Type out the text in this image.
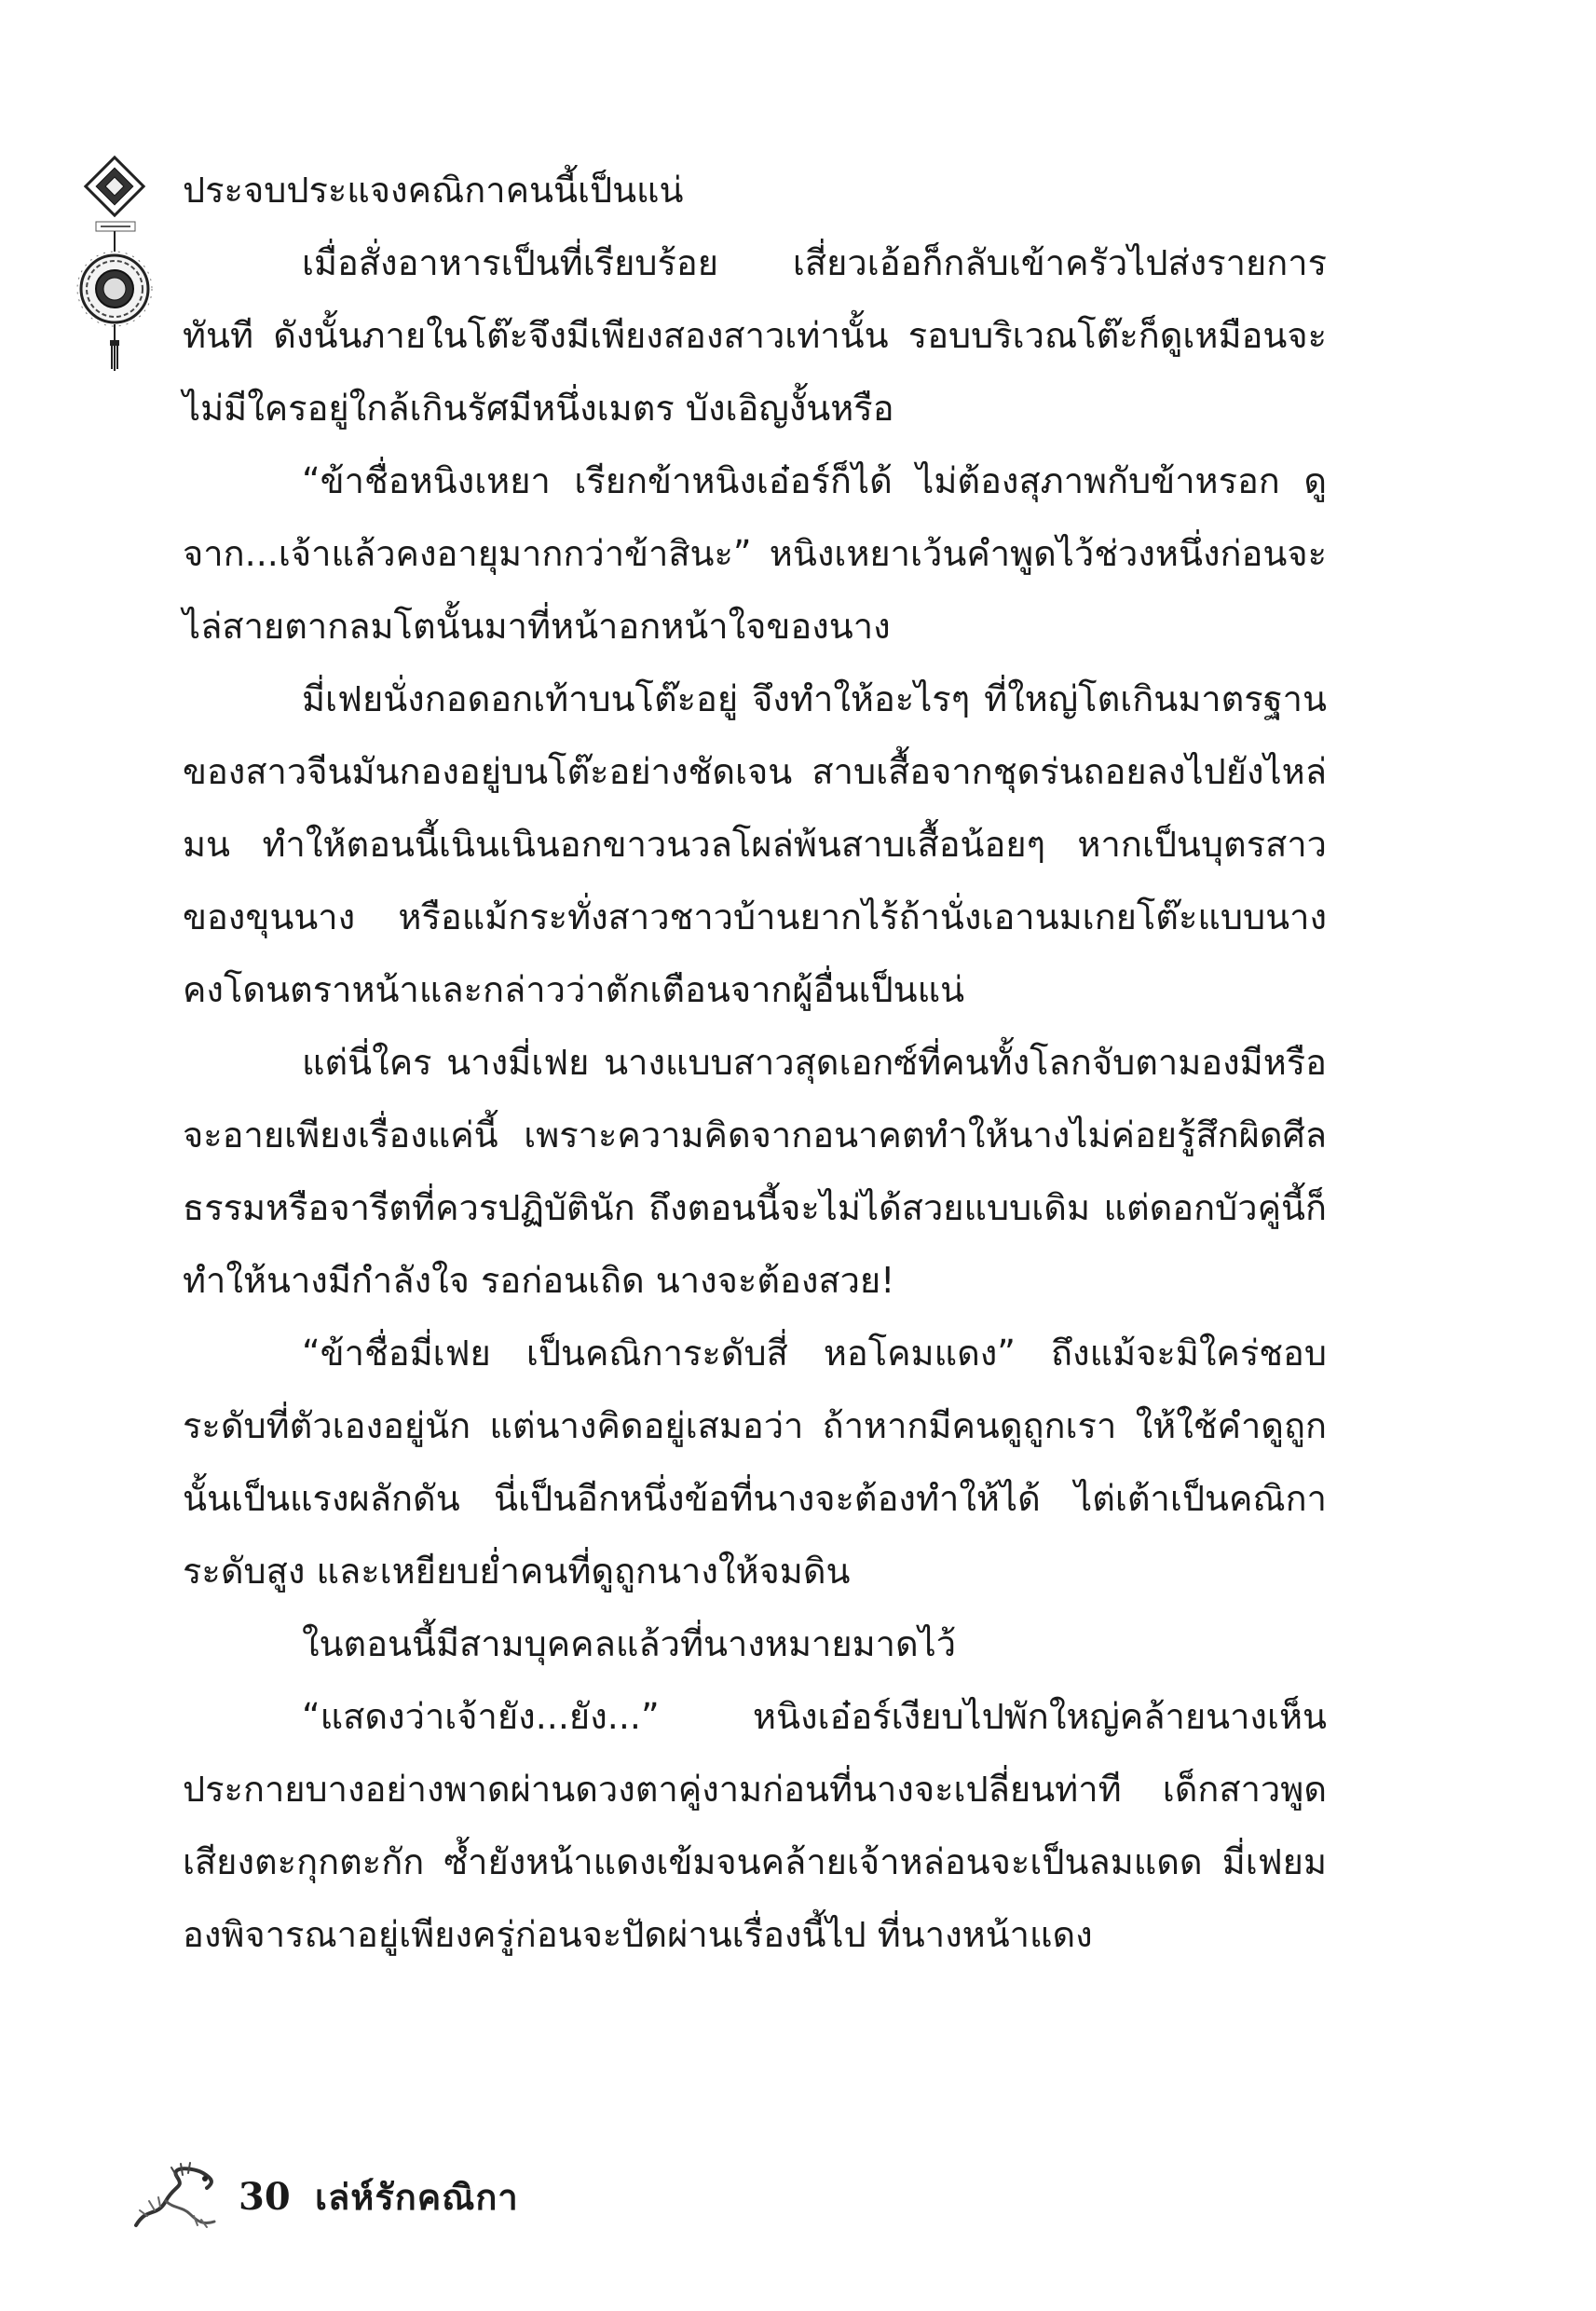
ประจบประแจงคณิกาคนนี้เป็นแน่

เมื่อสั่งอาหารเป็นที่เรียบร้อย เสี่ยวเอ้อก็กลับเข้าครัวไปส่งรายการทันที ดังนั้นภายในโต๊ะจึงมีเพียงสองสาวเท่านั้น รอบบริเวณโต๊ะก็ดูเหมือนจะไม่มีใครอยู่ใกล้เกินรัศมีหนึ่งเมตร บังเอิญงั้นหรือ

“ข้าชื่อหนิงเหยา เรียกข้าหนิงเอ๋อร์ก็ได้ ไม่ต้องสุภาพกับข้าหรอก ดูจาก...เจ้าแล้วคงอายุมากกว่าข้าสินะ” หนิงเหยาเว้นคำพูดไว้ช่วงหนึ่งก่อนจะไล่สายตากลมโตนั้นมาที่หน้าอกหน้าใจของนาง

มี่เฟยนั่งกอดอกเท้าบนโต๊ะอยู่ จึงทำให้อะไรๆ ที่ใหญ่โตเกินมาตรฐานของสาวจีนมันกองอยู่บนโต๊ะอย่างชัดเจน สาบเสื้อจากชุดร่นถอยลงไปยังไหล่มน ทำให้ตอนนี้เนินเนินอกขาวนวลโผล่พ้นสาบเสื้อน้อยๆ หากเป็นบุตรสาวของขุนนาง หรือแม้กระทั่งสาวชาวบ้านยากไร้ถ้านั่งเอานมเกยโต๊ะแบบนางคงโดนตราหน้าและกล่าวว่าตักเตือนจากผู้อื่นเป็นแน่

แต่นี่ใคร นางมี่เฟย นางแบบสาวสุดเอกซ์ที่คนทั้งโลกจับตามองมีหรือจะอายเพียงเรื่องแค่นี้ เพราะความคิดจากอนาคตทำให้นางไม่ค่อยรู้สึกผิดศีลธรรมหรือจารีตที่ควรปฏิบัตินัก ถึงตอนนี้จะไม่ได้สวยแบบเดิม แต่ดอกบัวคู่นี้ก็ทำให้นางมีกำลังใจ รอก่อนเถิด นางจะต้องสวย!

“ข้าชื่อมี่เฟย เป็นคณิการะดับสี่ หอโคมแดง” ถึงแม้จะมิใคร่ชอบระดับที่ตัวเองอยู่นัก แต่นางคิดอยู่เสมอว่า ถ้าหากมีคนดูถูกเรา ให้ใช้คำดูถูกนั้นเป็นแรงผลักดัน นี่เป็นอีกหนึ่งข้อที่นางจะต้องทำให้ได้ ไต่เต้าเป็นคณิการะดับสูง และเหยียบย่ำคนที่ดูถูกนางให้จมดิน

ในตอนนี้มีสามบุคคลแล้วที่นางหมายมาดไว้

“แสดงว่าเจ้ายัง...ยัง...” หนิงเอ๋อร์เงียบไปพักใหญ่คล้ายนางเห็นประกายบางอย่างพาดผ่านดวงตาคู่งามก่อนที่นางจะเปลี่ยนท่าที เด็กสาวพูดเสียงตะกุกตะกัก ซ้ำยังหน้าแดงเข้มจนคล้ายเจ้าหล่อนจะเป็นลมแดด มี่เฟยมองพิจารณาอยู่เพียงครู่ก่อนจะปัดผ่านเรื่องนี้ไป ที่นางหน้าแดง

30 เล่ห์รักคณิกา
